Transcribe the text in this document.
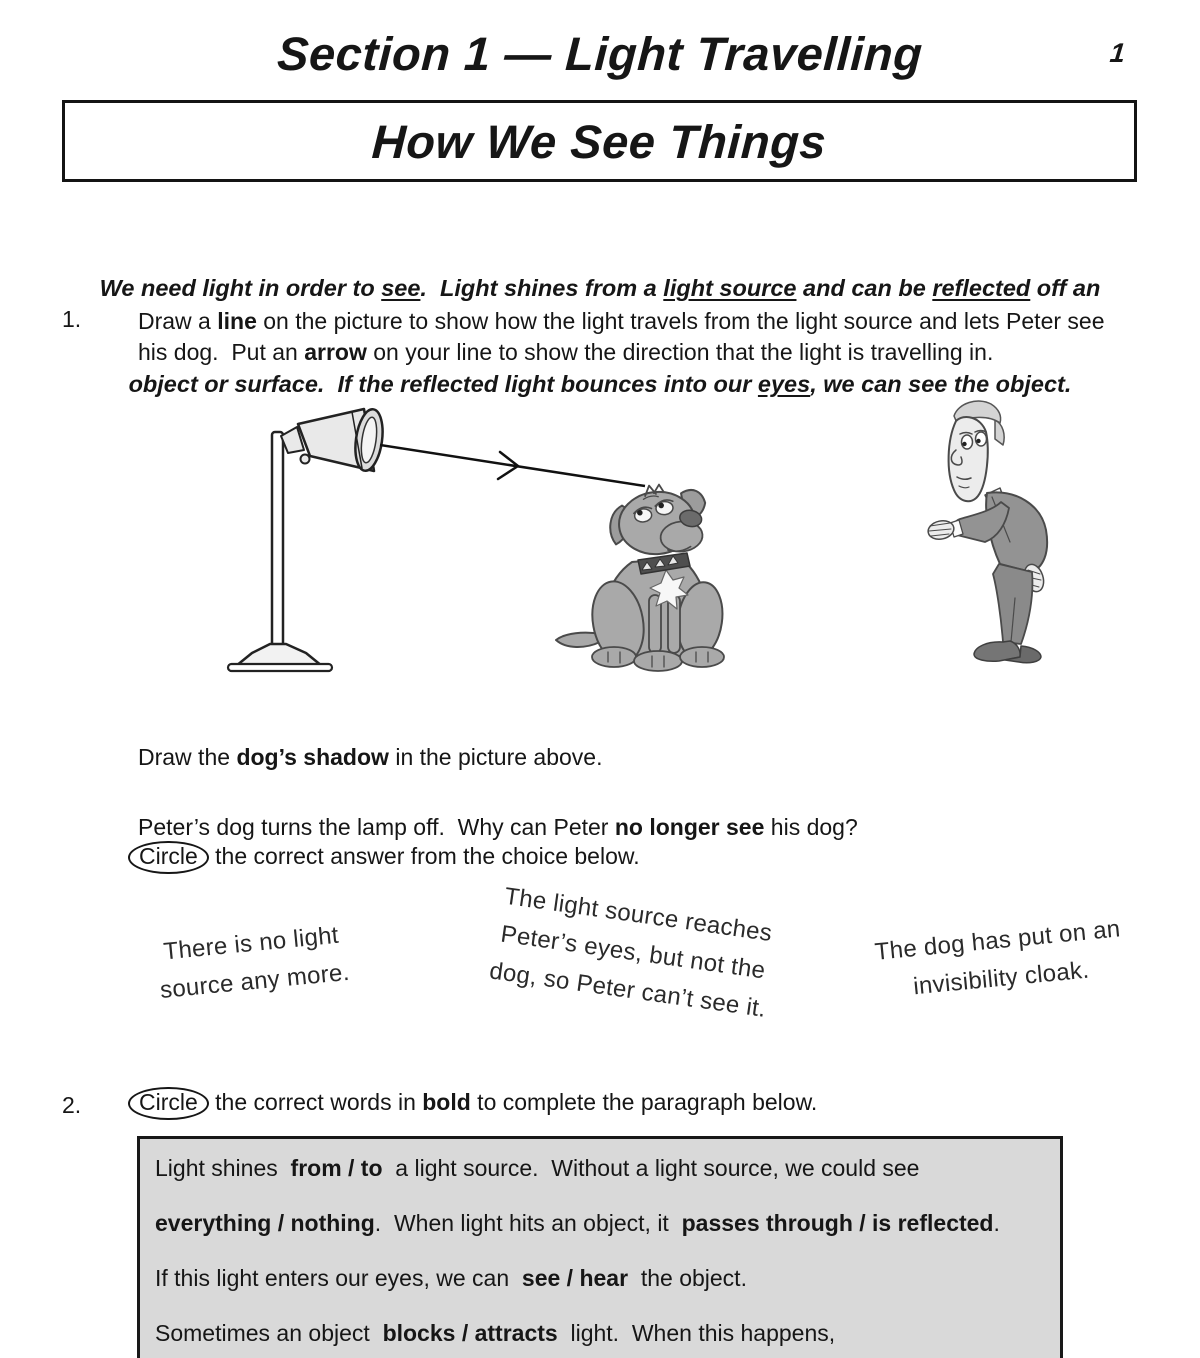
Section 1 — Light Travelling	1
How We See Things

We need light in order to see.  Light shines from a light source and can be reflected off an

object or surface.  If the reflected light bounces into our eyes, we can see the object.

1. Draw a line on the picture to show how the light travels from the light source and lets Peter see his dog.  Put an arrow on your line to show the direction that the light is travelling in.
Draw the dog’s shadow in the picture above.
Peter’s dog turns the lamp off.  Why can Peter no longer see his dog?
Circle the correct answer from the choice below.
There is no light source any more.
The light source reaches Peter’s eyes, but not the dog, so Peter can’t see it.
The dog has put on an invisibility cloak.
2.	Circle the correct words in bold to complete the paragraph below.
Light shines  from / to  a light source.  Without a light source, we could see
everything / nothing.  When light hits an object, it  passes through / is reflected.
If this light enters our eyes, we can  see / hear  the object.
Sometimes an object  blocks / attracts  light.  When this happens,
